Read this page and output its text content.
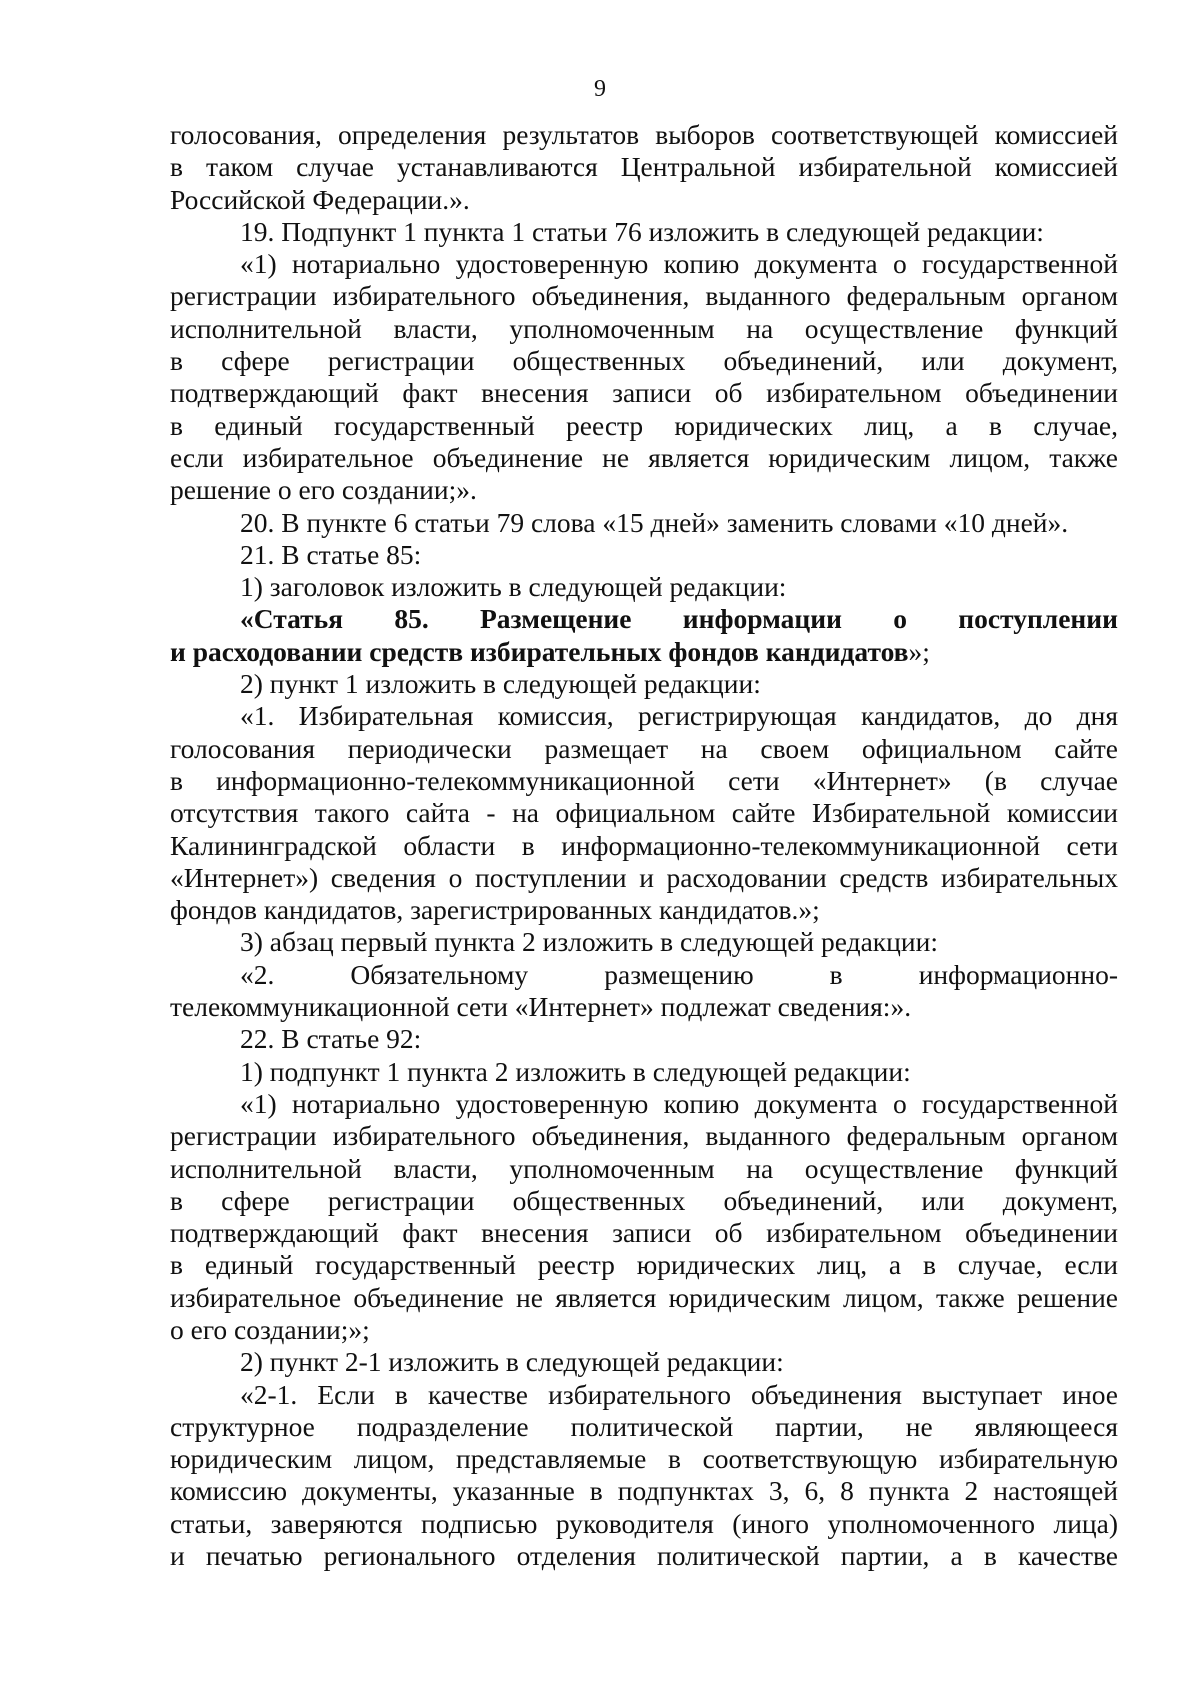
9
голосования, определения результатов выборов соответствующей комиссией
в таком случае устанавливаются Центральной избирательной комиссией
Российской Федерации.».
19. Подпункт 1 пункта 1 статьи 76 изложить в следующей редакции:
«1) нотариально удостоверенную копию документа о государственной
регистрации избирательного объединения, выданного федеральным органом
исполнительной власти, уполномоченным на осуществление функций
в сфере регистрации общественных объединений, или документ,
подтверждающий факт внесения записи об избирательном объединении
в единый государственный реестр юридических лиц, а в случае,
если избирательное объединение не является юридическим лицом, также
решение о его создании;».
20. В пункте 6 статьи 79 слова «15 дней» заменить словами «10 дней».
21. В статье 85:
1) заголовок изложить в следующей редакции:
«Статья 85. Размещение информации о поступлении
и расходовании средств избирательных фондов кандидатов»;
2) пункт 1 изложить в следующей редакции:
«1. Избирательная комиссия, регистрирующая кандидатов, до дня
голосования периодически размещает на своем официальном сайте
в информационно-телекоммуникационной сети «Интернет» (в случае
отсутствия такого сайта - на официальном сайте Избирательной комиссии
Калининградской области в информационно-телекоммуникационной сети
«Интернет») сведения о поступлении и расходовании средств избирательных
фондов кандидатов, зарегистрированных кандидатов.»;
3) абзац первый пункта 2 изложить в следующей редакции:
«2. Обязательному размещению в информационно-
телекоммуникационной сети «Интернет» подлежат сведения:».
22. В статье 92:
1) подпункт 1 пункта 2 изложить в следующей редакции:
«1) нотариально удостоверенную копию документа о государственной
регистрации избирательного объединения, выданного федеральным органом
исполнительной власти, уполномоченным на осуществление функций
в сфере регистрации общественных объединений, или документ,
подтверждающий факт внесения записи об избирательном объединении
в единый государственный реестр юридических лиц, а в случае, если
избирательное объединение не является юридическим лицом, также решение
о его создании;»;
2) пункт 2-1 изложить в следующей редакции:
«2-1. Если в качестве избирательного объединения выступает иное
структурное подразделение политической партии, не являющееся
юридическим лицом, представляемые в соответствующую избирательную
комиссию документы, указанные в подпунктах 3, 6, 8 пункта 2 настоящей
статьи, заверяются подписью руководителя (иного уполномоченного лица)
и печатью регионального отделения политической партии, а в качестве
